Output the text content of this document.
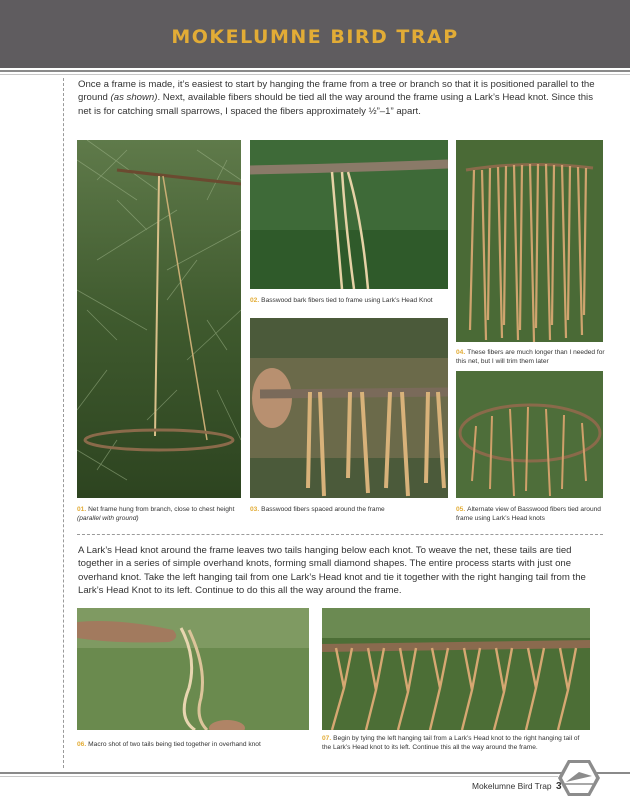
MOKELUMNE BIRD TRAP
Once a frame is made, it’s easiest to start by hanging the frame from a tree or branch so that it is positioned parallel to the ground (as shown). Next, available fibers should be tied all the way around the frame using a Lark’s Head knot. Since this net is for catching small sparrows, I spaced the fibers approximately ½”–1” apart.
01. Net frame hung from branch, close to chest height (parallel with ground)
02. Basswood bark fibers tied to frame using Lark’s Head Knot
03. Basswood fibers spaced around the frame
04. These fibers are much longer than I needed for this net, but I will trim them later
05. Alternate view of Basswood fibers tied around frame using Lark’s Head knots
A Lark’s Head knot around the frame leaves two tails hanging below each knot. To weave the net, these tails are tied together in a series of simple overhand knots, forming small diamond shapes. The entire process starts with just one overhand knot. Take the left hanging tail from one Lark’s Head knot and tie it together with the right hanging tail from the Lark’s Head Knot to its left. Continue to do this all the way around the frame.
06. Macro shot of two tails being tied together in overhand knot
07. Begin by tying the left hanging tail from a Lark’s Head knot to the right hanging tail of the Lark’s Head knot to its left. Continue this all the way around the frame.
Mokelumne Bird Trap 3
